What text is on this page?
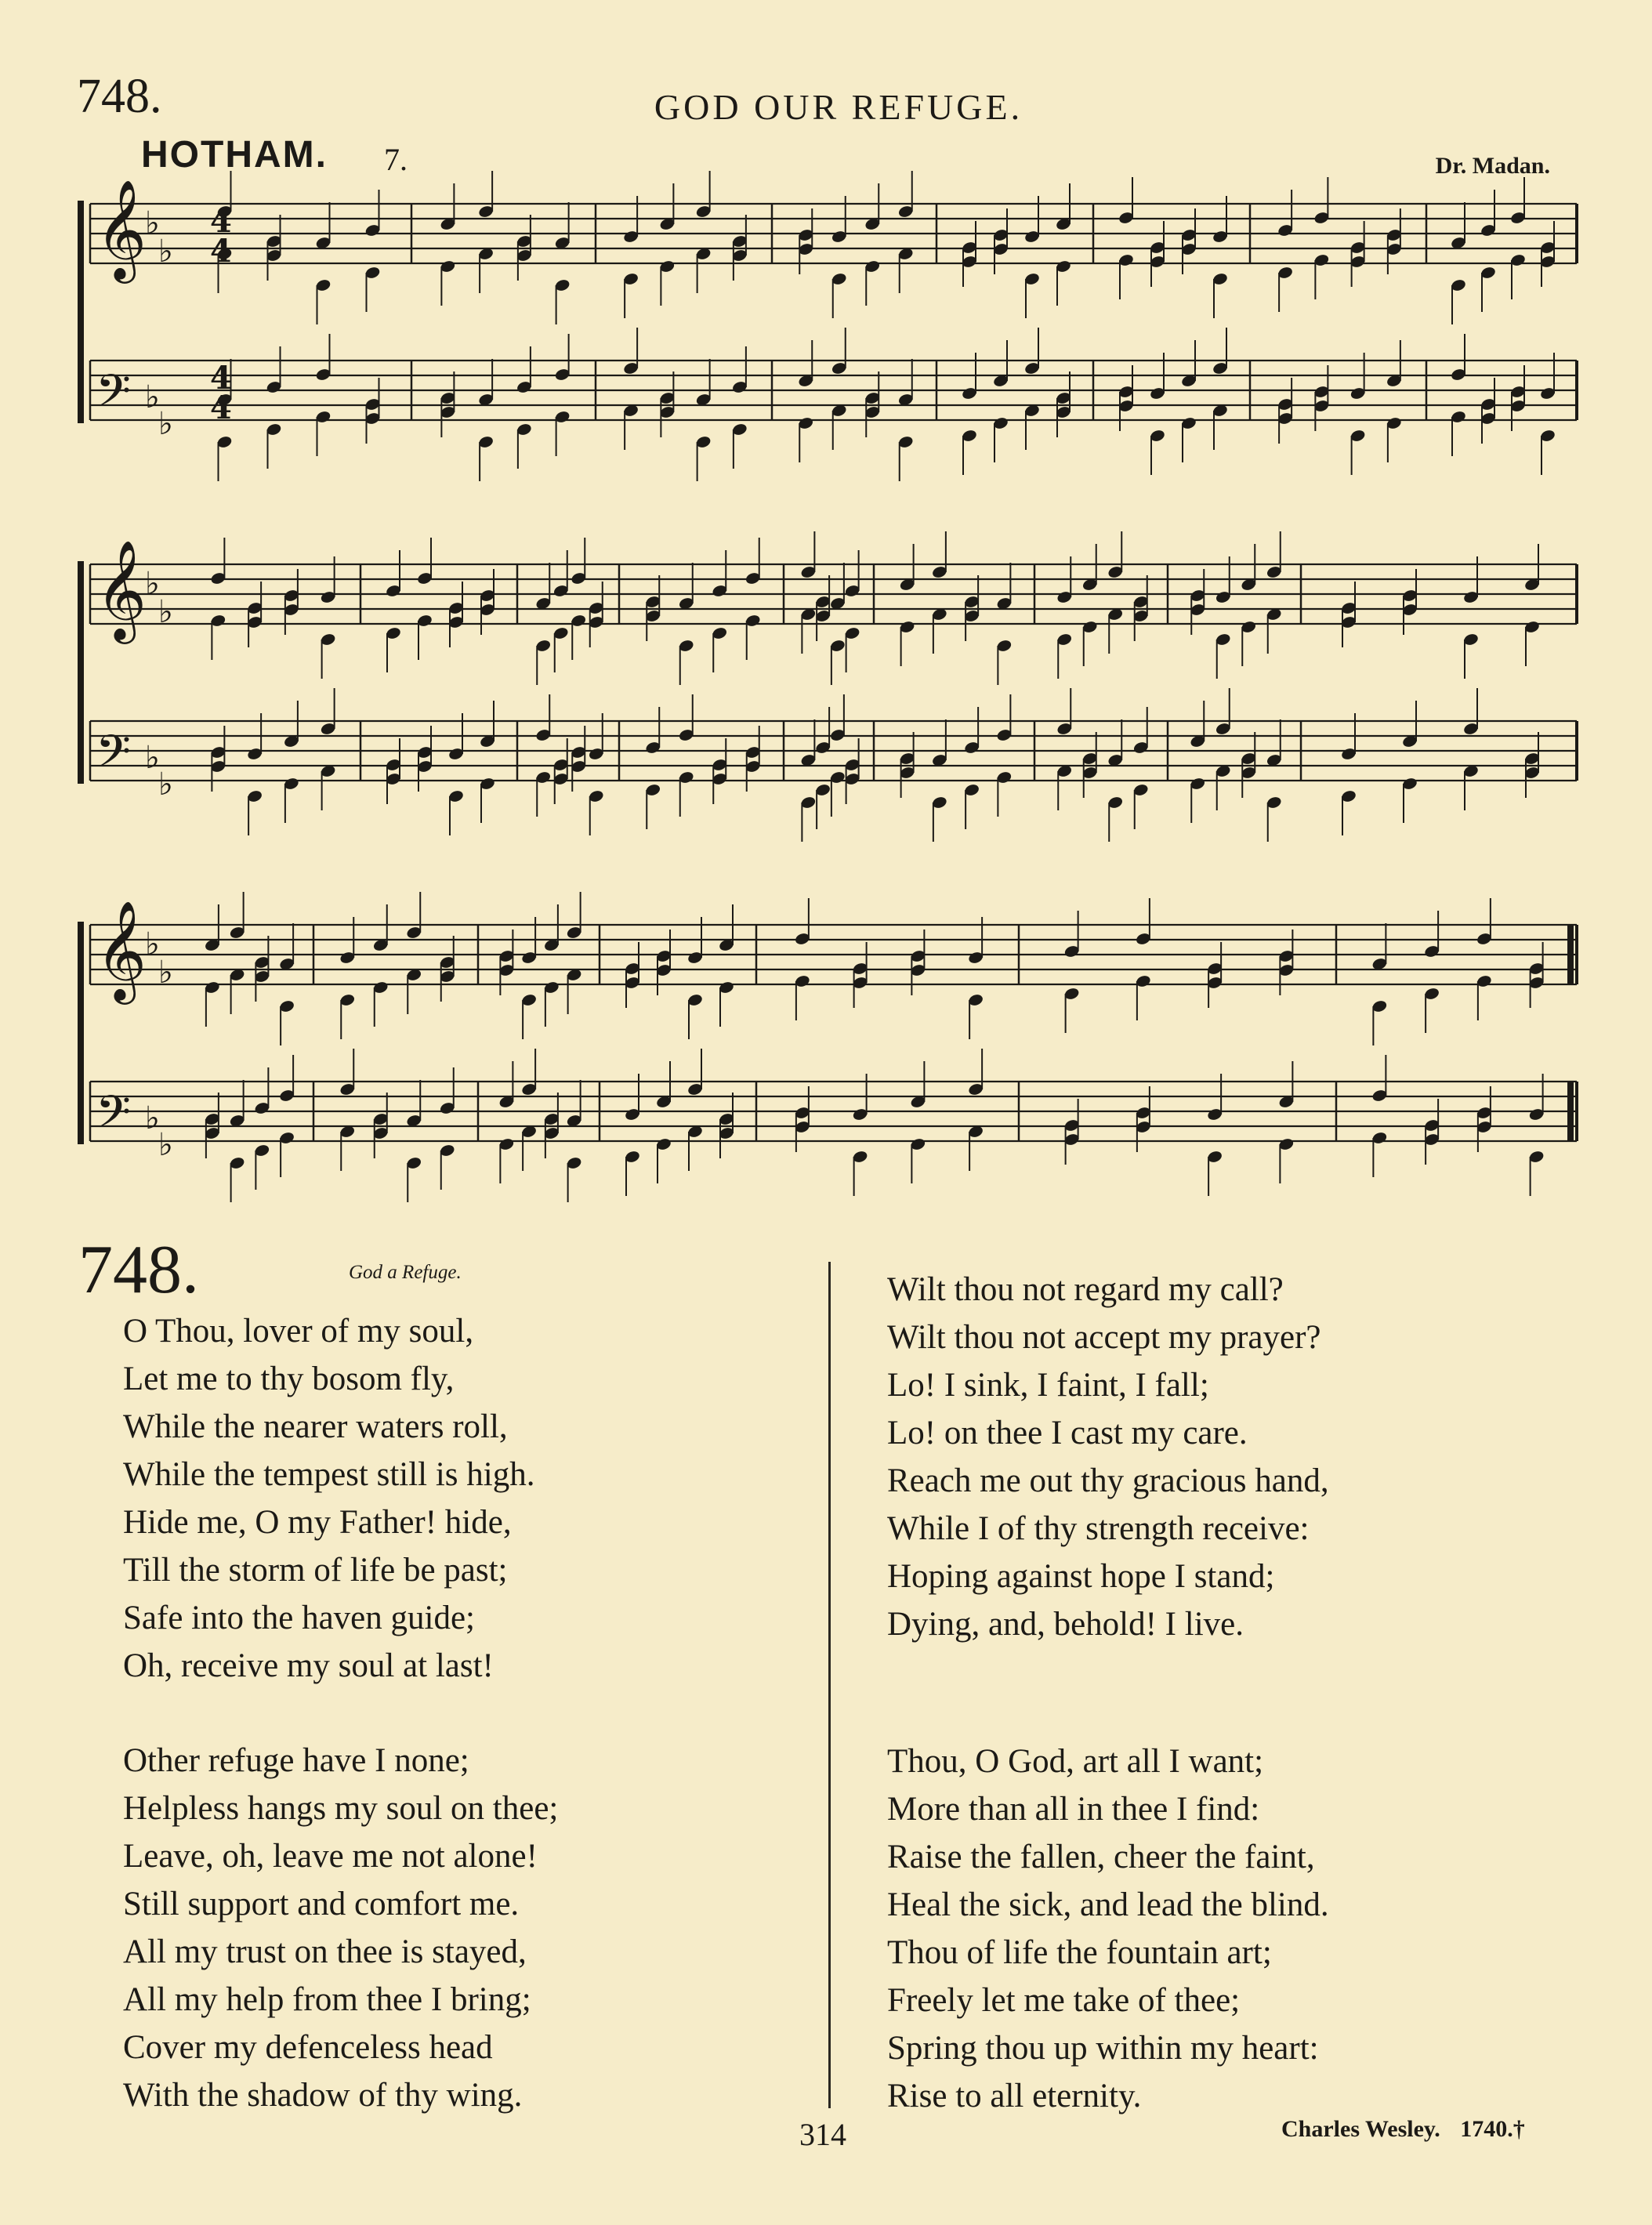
748.	GOD OUR REFUGE.
HOTHAM. 7.	Dr. Madan.
𝄞
♭
♭
𝄢 ♭
♭
𝄞
♭
♭
𝄢 ♭
♭
𝄞
♭
♭
𝄢 ♭
♭
4
4
4
4
748.	God a Refuge.
O Thou, lover of my soul,
Let me to thy bosom fly,
While the nearer waters roll,
While the tempest still is high.
Hide me, O my Father! hide,
Till the storm of life be past;
Safe into the haven guide;
Oh, receive my soul at last!
Other refuge have I none;
Helpless hangs my soul on thee;
Leave, oh, leave me not alone!
Still support and comfort me.
All my trust on thee is stayed,
All my help from thee I bring;
Cover my defenceless head
With the shadow of thy wing.
Wilt thou not regard my call?
Wilt thou not accept my prayer?
Lo! I sink, I faint, I fall;
Lo! on thee I cast my care.
Reach me out thy gracious hand,
While I of thy strength receive:
Hoping against hope I stand;
Dying, and, behold! I live.
Thou, O God, art all I want;
More than all in thee I find:
Raise the fallen, cheer the faint,
Heal the sick, and lead the blind.
Thou of life the fountain art;
Freely let me take of thee;
Spring thou up within my heart:
Rise to all eternity.
314	Charles Wesley. 1740.†
